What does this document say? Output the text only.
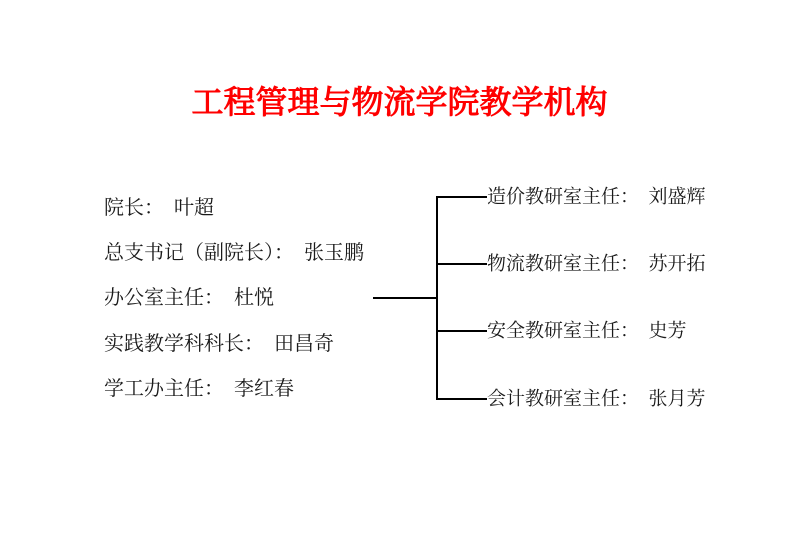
工程管理与物流学院教学机构
院长：　叶超
总支书记（副院长）：　张玉鹏
办公室主任：　杜悦
实践教学科科长：　田昌奇
学工办主任：　李红春
造价教研室主任：　刘盛辉
物流教研室主任：　苏开拓
安全教研室主任：　史芳
会计教研室主任：　张月芳
